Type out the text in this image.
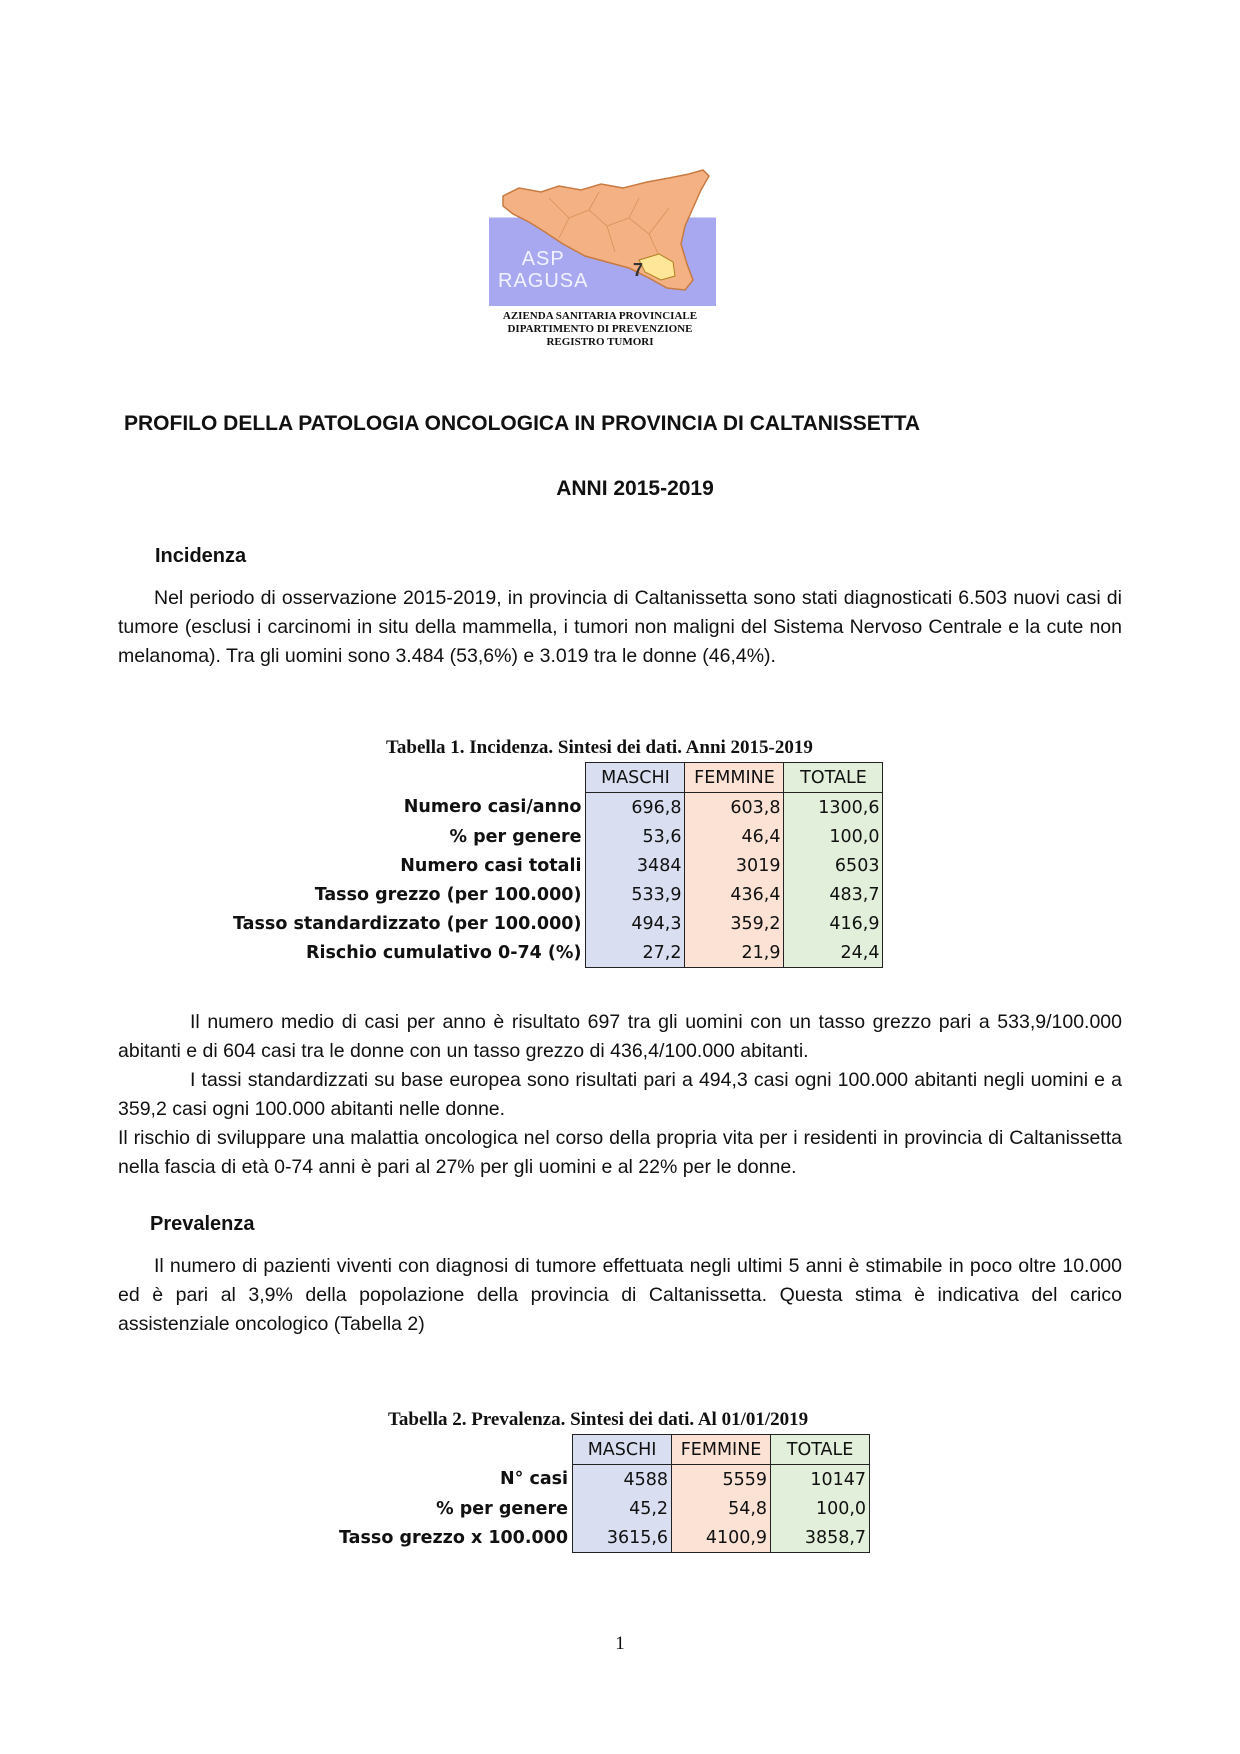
ASP
RAGUSA 7
AZIENDA SANITARIA PROVINCIALE
DIPARTIMENTO DI PREVENZIONE
REGISTRO TUMORI
PROFILO DELLA PATOLOGIA ONCOLOGICA IN PROVINCIA DI CALTANISSETTA
ANNI 2015-2019
Incidenza

Nel periodo di osservazione 2015-2019, in provincia di Caltanissetta sono stati diagnosticati 6.503 nuovi casi di tumore (esclusi i carcinomi in situ della mammella, i tumori non maligni del Sistema Nervoso Centrale e la cute non melanoma). Tra gli uomini sono 3.484 (53,6%) e 3.019 tra le donne (46,4%).

Tabella 1. Incidenza. Sintesi dei dati. Anni 2015-2019
	MASCHI	FEMMINE	TOTALE
Numero casi/anno	696,8	603,8	1300,6
% per genere	53,6	46,4	100,0
Numero casi totali	3484	3019	6503
Tasso grezzo (per 100.000)	533,9	436,4	483,7
Tasso standardizzato (per 100.000)	494,3	359,2	416,9
Rischio cumulativo 0-74 (%)	27,2	21,9	24,4

Il numero medio di casi per anno è risultato 697 tra gli uomini con un tasso grezzo pari a 533,9/100.000 abitanti e di 604 casi tra le donne con un tasso grezzo di 436,4/100.000 abitanti.

I tassi standardizzati su base europea sono risultati pari a 494,3 casi ogni 100.000 abitanti negli uomini e a 359,2 casi ogni 100.000 abitanti nelle donne.

Il rischio di sviluppare una malattia oncologica nel corso della propria vita per i residenti in provincia di Caltanissetta nella fascia di età 0-74 anni è pari al 27% per gli uomini e al 22% per le donne.

Prevalenza

Il numero di pazienti viventi con diagnosi di tumore effettuata negli ultimi 5 anni è stimabile in poco oltre 10.000 ed è pari al 3,9% della popolazione della provincia di Caltanissetta. Questa stima è indicativa del carico assistenziale oncologico (Tabella 2)

Tabella 2. Prevalenza. Sintesi dei dati. Al 01/01/2019
	MASCHI	FEMMINE	TOTALE
N° casi	4588	5559	10147
% per genere	45,2	54,8	100,0
Tasso grezzo x 100.000	3615,6	4100,9	3858,7
1
